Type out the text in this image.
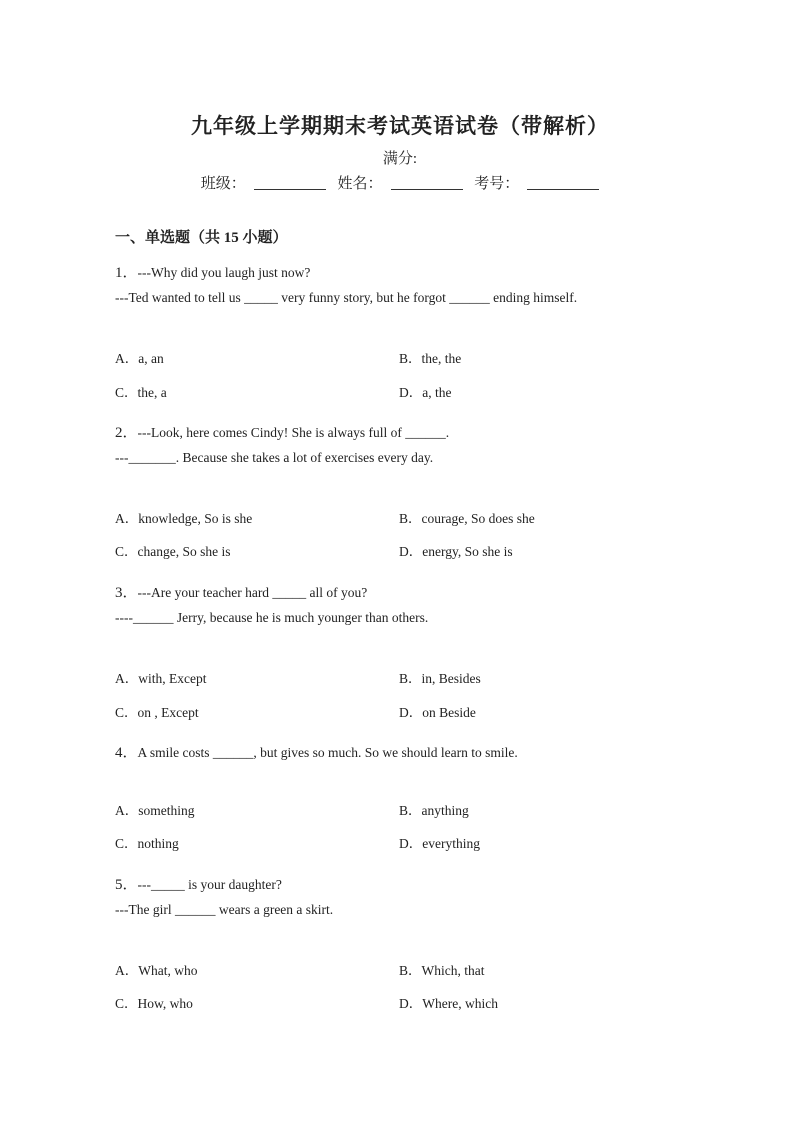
九年级上学期期末考试英语试卷（带解析）
满分:
班级：	姓名：	考号：
一、单选题（共 15 小题）
1．---Why did you laugh just now?
---Ted wanted to tell us _____ very funny story, but he forgot ______ ending himself.
A．a, an	B．the, the
C．the, a	D．a, the
2．---Look, here comes Cindy! She is always full of ______.
---_______. Because she takes a lot of exercises every day.
A．knowledge, So is she	B．courage, So does she
C．change, So she is	D．energy, So she is
3．---Are your teacher hard _____ all of you?
----______ Jerry, because he is much younger than others.
A．with, Except	B．in, Besides
C．on , Except	D．on Beside
4．A smile costs ______, but gives so much. So we should learn to smile.
A．something	B．anything
C．nothing	D．everything
5．---_____ is your daughter?
---The girl ______ wears a green a skirt.
A．What, who	B．Which, that
C．How, who	D．Where, which
